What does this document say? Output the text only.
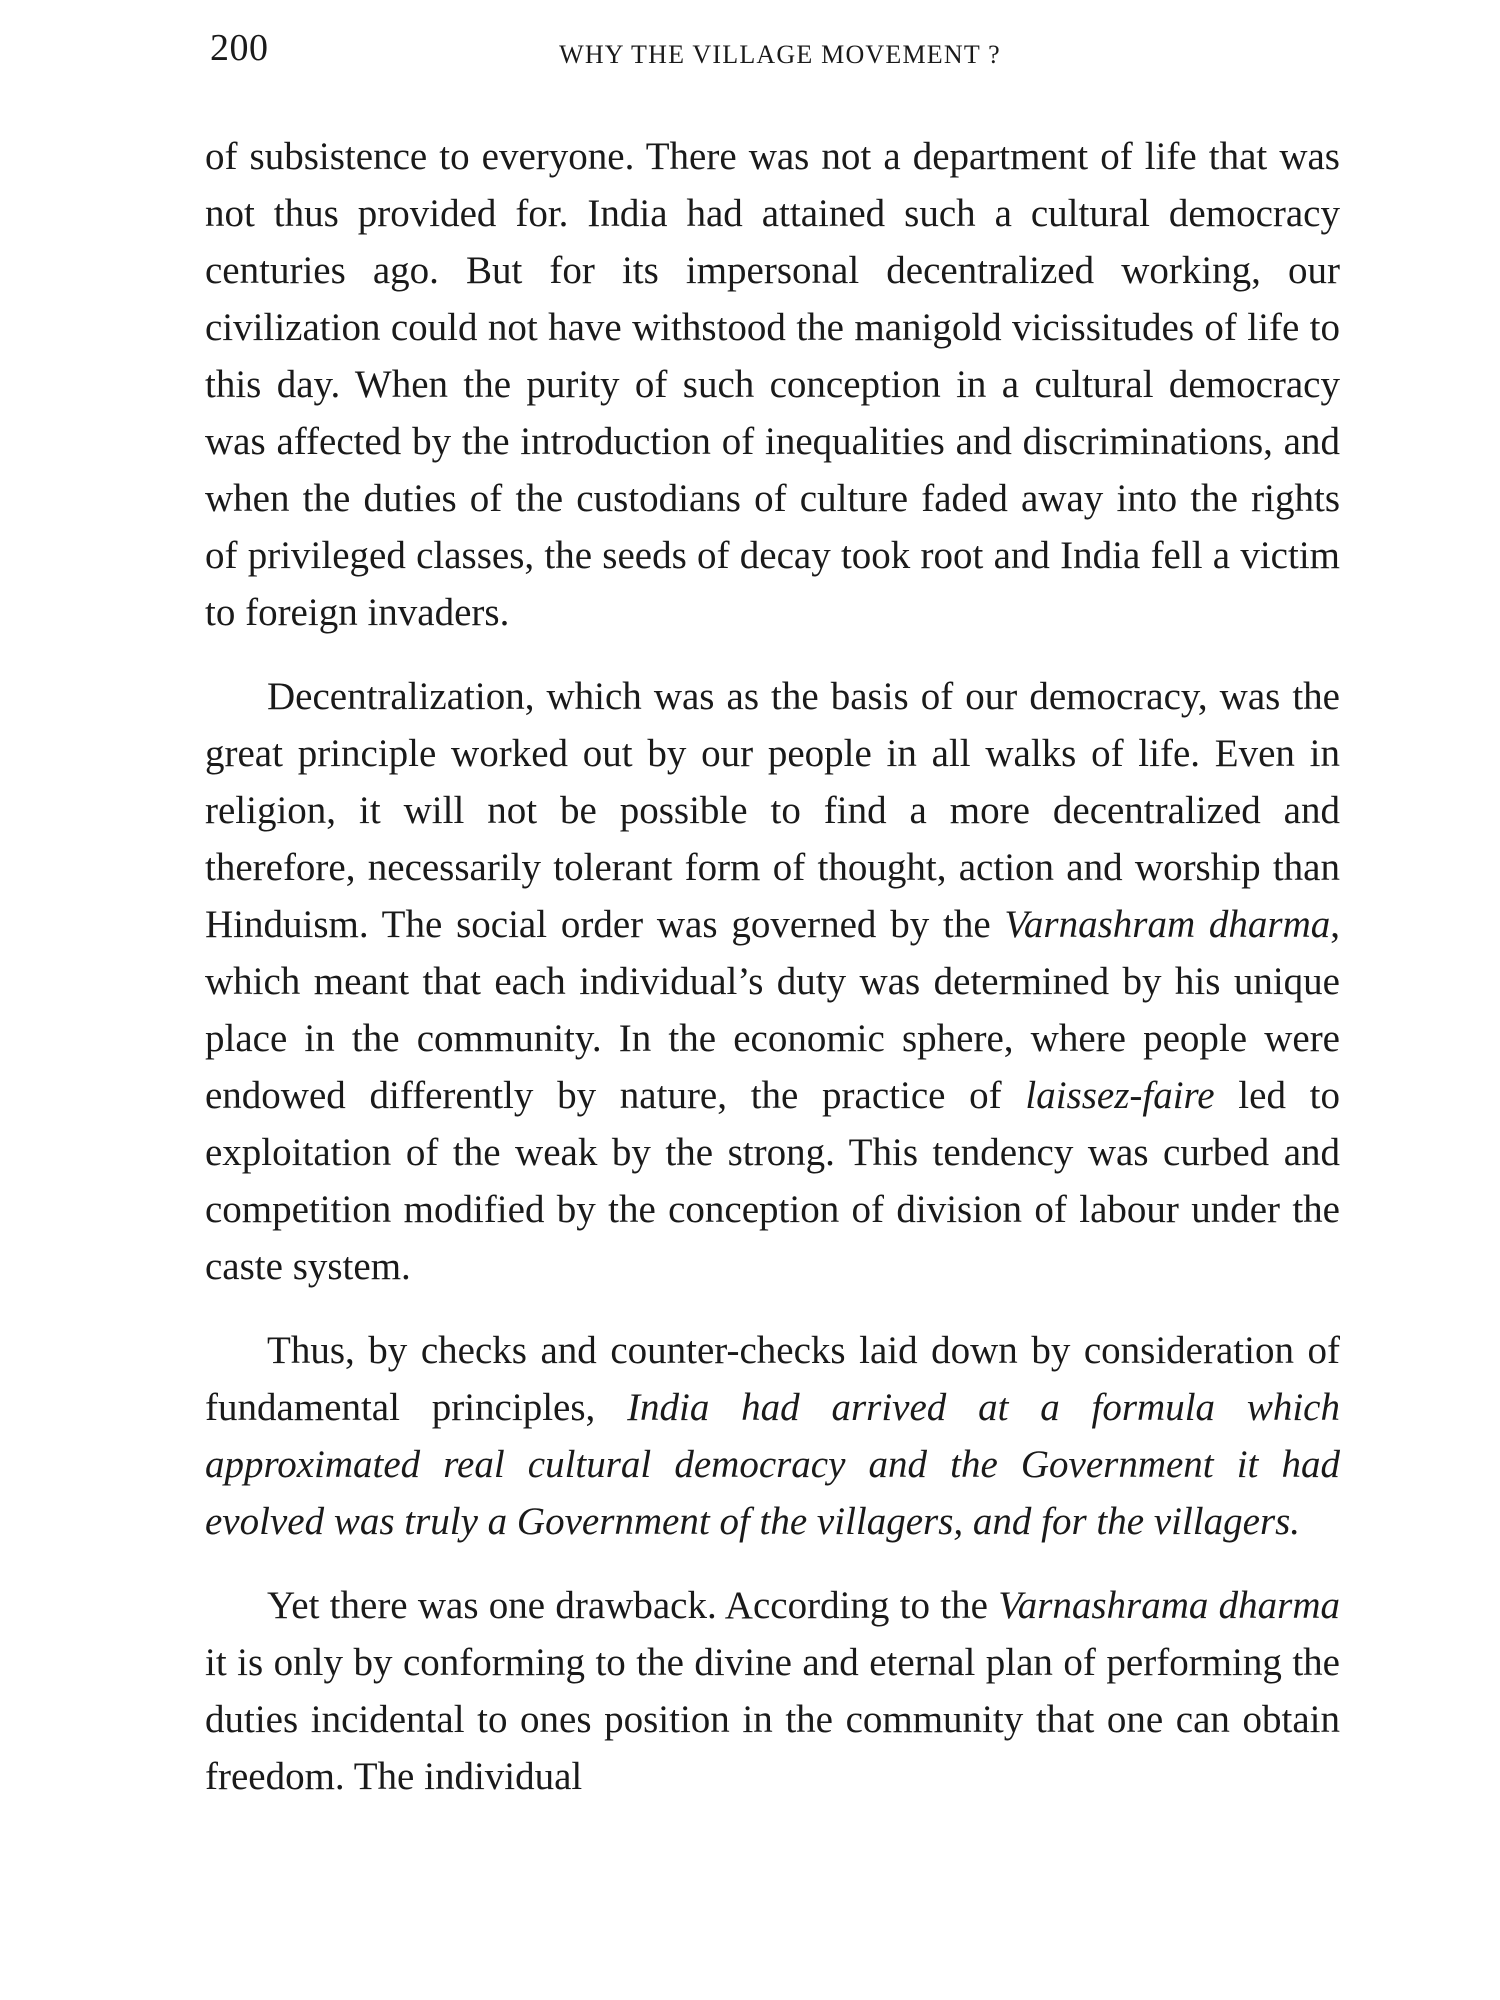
200	WHY THE VILLAGE MOVEMENT ?

of subsistence to everyone. There was not a department of life that was not thus provided for. India had attained such a cultural democracy centuries ago. But for its impersonal decentralized working, our civilization could not have withstood the manigold vicissitudes of life to this day. When the purity of such conception in a cultural democracy was affected by the introduction of inequalities and discriminations, and when the duties of the custodians of culture faded away into the rights of privileged classes, the seeds of decay took root and India fell a victim to foreign invaders.

Decentralization, which was as the basis of our democracy, was the great principle worked out by our people in all walks of life. Even in religion, it will not be possible to find a more decentralized and therefore, necessarily tolerant form of thought, action and worship than Hinduism. The social order was governed by the Varnashram dharma, which meant that each individual’s duty was determined by his unique place in the community. In the economic sphere, where people were endowed differently by nature, the practice of laissez-faire led to exploitation of the weak by the strong. This tendency was curbed and competition modified by the conception of division of labour under the caste system.

Thus, by checks and counter-checks laid down by consideration of fundamental principles, India had arrived at a formula which approximated real cultural democracy and the Government it had evolved was truly a Government of the villagers, and for the villagers.

Yet there was one drawback. According to the Varnashrama dharma it is only by conforming to the divine and eternal plan of performing the duties incidental to ones position in the community that one can obtain freedom. The individual
